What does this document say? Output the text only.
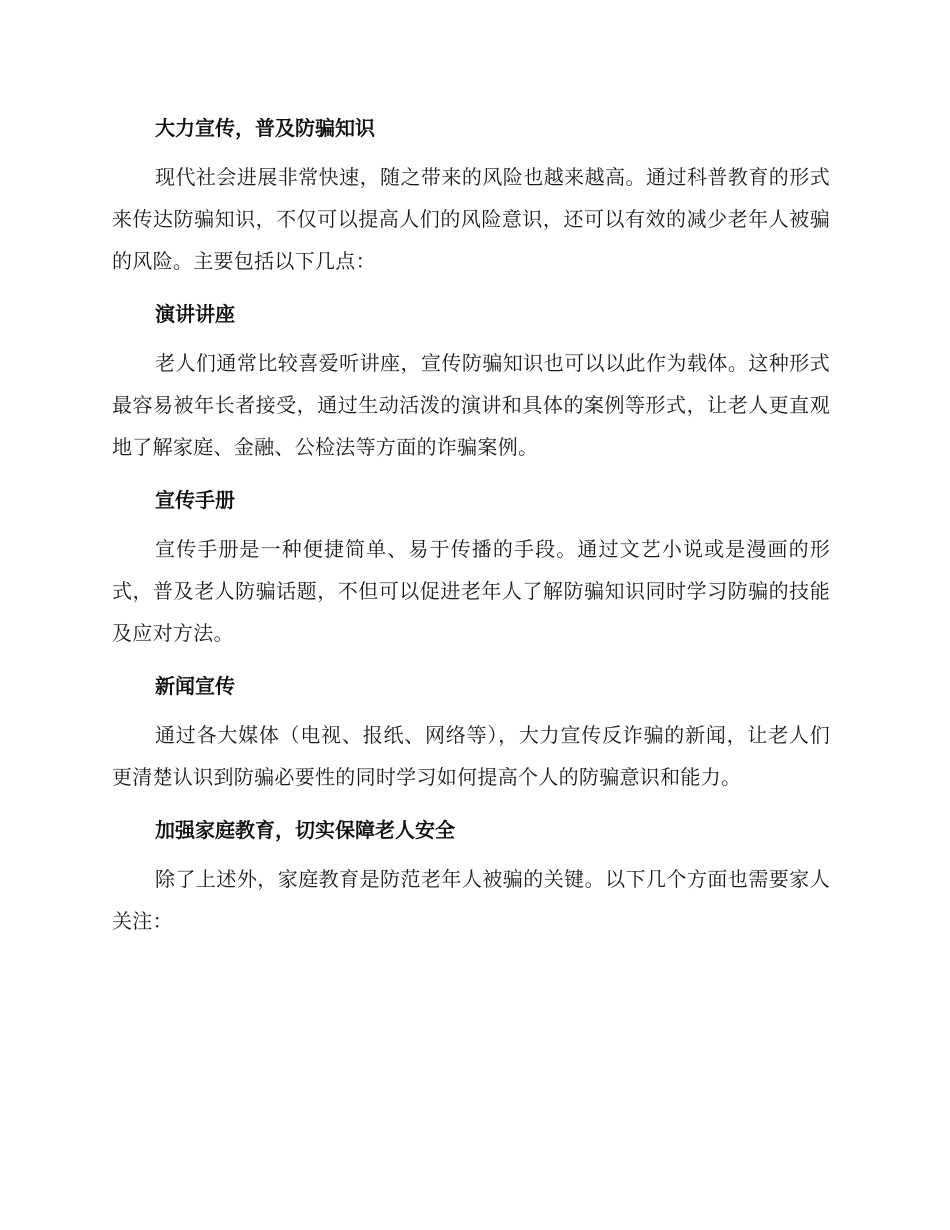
大力宣传，普及防骗知识

现代社会进展非常快速，随之带来的风险也越来越高。通过科普教育的形式来传达防骗知识，不仅可以提高人们的风险意识，还可以有效的减少老年人被骗的风险。主要包括以下几点：

演讲讲座

老人们通常比较喜爱听讲座，宣传防骗知识也可以以此作为载体。这种形式最容易被年长者接受，通过生动活泼的演讲和具体的案例等形式，让老人更直观地了解家庭、金融、公检法等方面的诈骗案例。

宣传手册

宣传手册是一种便捷简单、易于传播的手段。通过文艺小说或是漫画的形式，普及老人防骗话题，不但可以促进老年人了解防骗知识同时学习防骗的技能及应对方法。

新闻宣传

通过各大媒体（电视、报纸、网络等），大力宣传反诈骗的新闻，让老人们更清楚认识到防骗必要性的同时学习如何提高个人的防骗意识和能力。

加强家庭教育，切实保障老人安全

除了上述外，家庭教育是防范老年人被骗的关键。以下几个方面也需要家人关注：
